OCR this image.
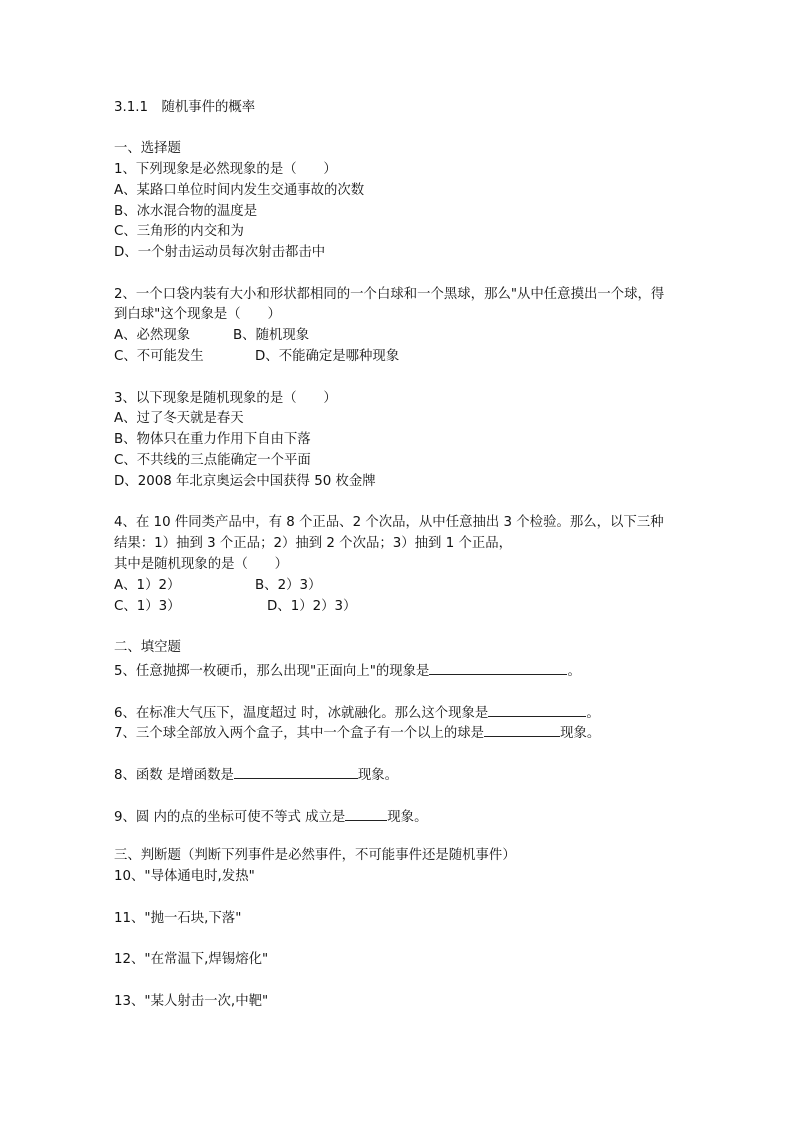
3.1.1　随机事件的概率
一、选择题
1、下列现象是必然现象的是（　　）
A、某路口单位时间内发生交通事故的次数
B、冰水混合物的温度是
C、三角形的内交和为
D、一个射击运动员每次射击都击中
2、一个口袋内装有大小和形状都相同的一个白球和一个黑球，那么"从中任意摸出一个球，得
到白球"这个现象是（　　）
A、必然现象	B、随机现象
C、不可能发生	D、不能确定是哪种现象
3、以下现象是随机现象的是（　　）
A、过了冬天就是春天
B、物体只在重力作用下自由下落
C、不共线的三点能确定一个平面
D、2008 年北京奥运会中国获得 50 枚金牌
4、在 10 件同类产品中，有 8 个正品、2 个次品，从中任意抽出 3 个检验。那么，以下三种
结果：1）抽到 3 个正品；2）抽到 2 个次品；3）抽到 1 个正品，
其中是随机现象的是（　　）
A、1）2）	B、2）3）
C、1）3）	D、1）2）3）
二、填空题
5、任意抛掷一枚硬币，那么出现"正面向上"的现象是	。
6、在标准大气压下，温度超过 时，冰就融化。那么这个现象是	。
7、三个球全部放入两个盒子，其中一个盒子有一个以上的球是	现象。
8、函数 是增函数是	现象。
9、圆 内的点的坐标可使不等式 成立是	现象。
三、判断题（判断下列事件是必然事件，不可能事件还是随机事件）
10、"导体通电时,发热"
11、"抛一石块,下落"
12、"在常温下,焊锡熔化"
13、"某人射击一次,中靶"
